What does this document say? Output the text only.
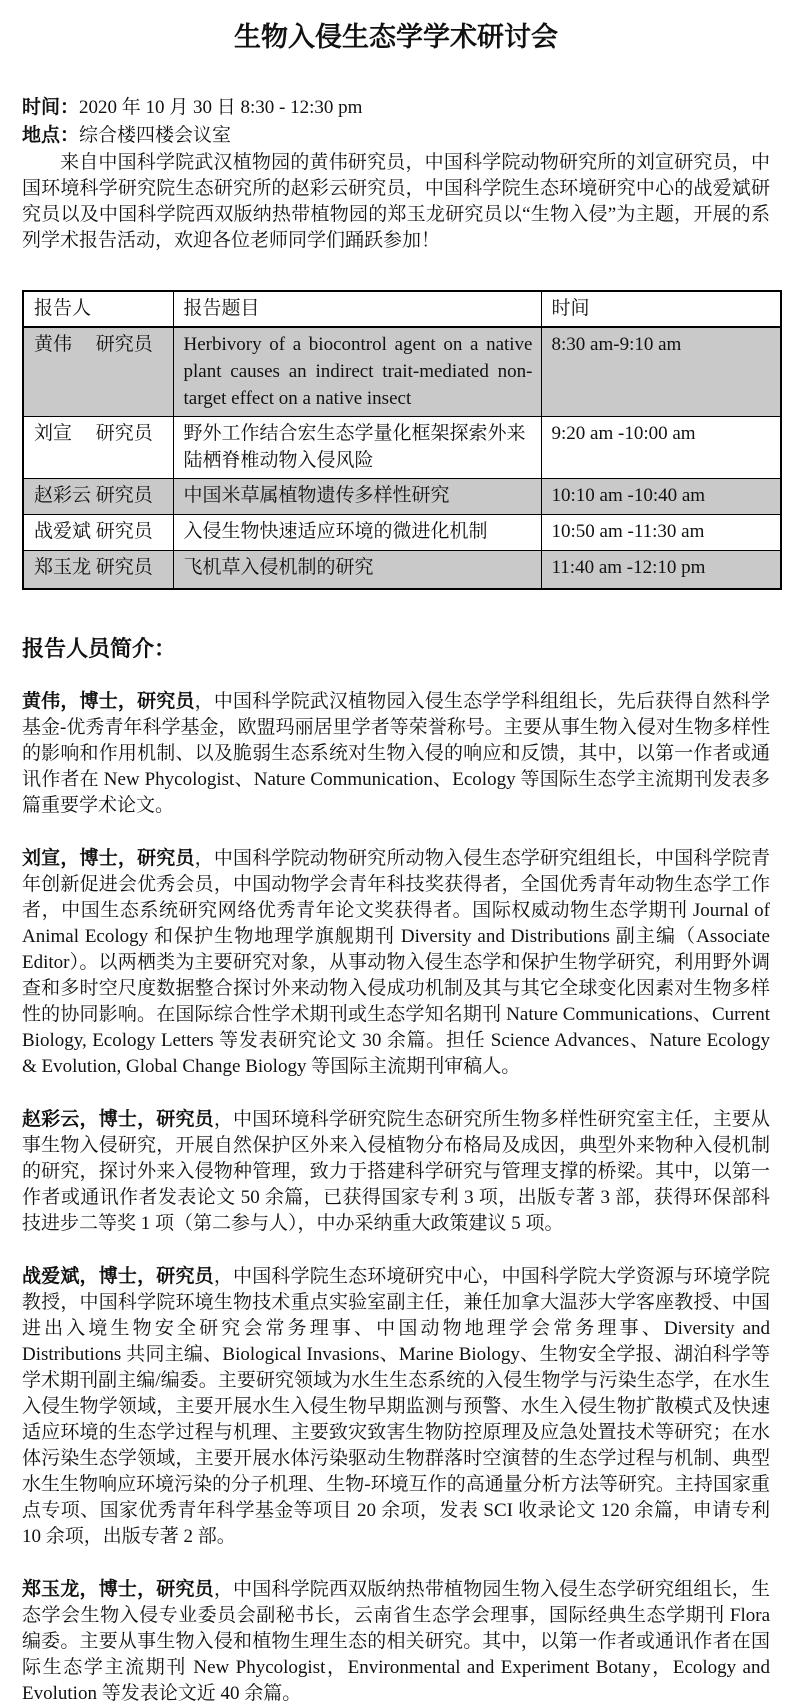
生物入侵生态学学术研讨会
时间：2020 年 10 月 30 日 8:30 - 12:30 pm
地点：综合楼四楼会议室

来自中国科学院武汉植物园的黄伟研究员，中国科学院动物研究所的刘宣研究员，中国环境科学研究院生态研究所的赵彩云研究员，中国科学院生态环境研究中心的战爱斌研究员以及中国科学院西双版纳热带植物园的郑玉龙研究员以“生物入侵”为主题，开展的系列学术报告活动，欢迎各位老师同学们踊跃参加！

报告人	报告题目	时间
黄伟　 研究员	Herbivory of a biocontrol agent on a native plant causes an indirect trait-mediated non-target effect on a native insect	8:30 am-9:10 am
刘宣　 研究员	野外工作结合宏生态学量化框架探索外来陆栖脊椎动物入侵风险	9:20 am -10:00 am
赵彩云 研究员	中国米草属植物遗传多样性研究	10:10 am -10:40 am
战爱斌 研究员	入侵生物快速适应环境的微进化机制	10:50 am -11:30 am
郑玉龙 研究员	飞机草入侵机制的研究	11:40 am -12:10 pm
报告人员简介：

黄伟，博士，研究员，中国科学院武汉植物园入侵生态学学科组组长，先后获得自然科学基金-优秀青年科学基金，欧盟玛丽居里学者等荣誉称号。主要从事生物入侵对生物多样性的影响和作用机制、以及脆弱生态系统对生物入侵的响应和反馈，其中，以第一作者或通讯作者在 New Phycologist、Nature Communication、Ecology 等国际生态学主流期刊发表多篇重要学术论文。

刘宣，博士，研究员，中国科学院动物研究所动物入侵生态学研究组组长，中国科学院青年创新促进会优秀会员，中国动物学会青年科技奖获得者，全国优秀青年动物生态学工作者，中国生态系统研究网络优秀青年论文奖获得者。国际权威动物生态学期刊 Journal of Animal Ecology 和保护生物地理学旗舰期刊 Diversity and Distributions 副主编（Associate Editor）。以两栖类为主要研究对象，从事动物入侵生态学和保护生物学研究，利用野外调查和多时空尺度数据整合探讨外来动物入侵成功机制及其与其它全球变化因素对生物多样性的协同影响。在国际综合性学术期刊或生态学知名期刊 Nature Communications、Current Biology, Ecology Letters 等发表研究论文 30 余篇。担任 Science Advances、Nature Ecology & Evolution, Global Change Biology 等国际主流期刊审稿人。

赵彩云，博士，研究员，中国环境科学研究院生态研究所生物多样性研究室主任，主要从事生物入侵研究，开展自然保护区外来入侵植物分布格局及成因，典型外来物种入侵机制的研究，探讨外来入侵物种管理，致力于搭建科学研究与管理支撑的桥梁。其中，以第一作者或通讯作者发表论文 50 余篇，已获得国家专利 3 项，出版专著 3 部，获得环保部科技进步二等奖 1 项（第二参与人），中办采纳重大政策建议 5 项。

战爱斌，博士，研究员，中国科学院生态环境研究中心，中国科学院大学资源与环境学院教授，中国科学院环境生物技术重点实验室副主任，兼任加拿大温莎大学客座教授、中国进出入境生物安全研究会常务理事、中国动物地理学会常务理事、Diversity and Distributions 共同主编、Biological Invasions、Marine Biology、生物安全学报、湖泊科学等学术期刊副主编/编委。主要研究领域为水生生态系统的入侵生物学与污染生态学，在水生入侵生物学领域，主要开展水生入侵生物早期监测与预警、水生入侵生物扩散模式及快速适应环境的生态学过程与机理、主要致灾致害生物防控原理及应急处置技术等研究；在水体污染生态学领域，主要开展水体污染驱动生物群落时空演替的生态学过程与机制、典型水生生物响应环境污染的分子机理、生物-环境互作的高通量分析方法等研究。主持国家重点专项、国家优秀青年科学基金等项目 20 余项，发表 SCI 收录论文 120 余篇，申请专利 10 余项，出版专著 2 部。

郑玉龙，博士，研究员，中国科学院西双版纳热带植物园生物入侵生态学研究组组长，生态学会生物入侵专业委员会副秘书长，云南省生态学会理事，国际经典生态学期刊 Flora 编委。主要从事生物入侵和植物生理生态的相关研究。其中，以第一作者或通讯作者在国际生态学主流期刊 New Phycologist，Environmental and Experiment Botany，Ecology and Evolution 等发表论文近 40 余篇。
